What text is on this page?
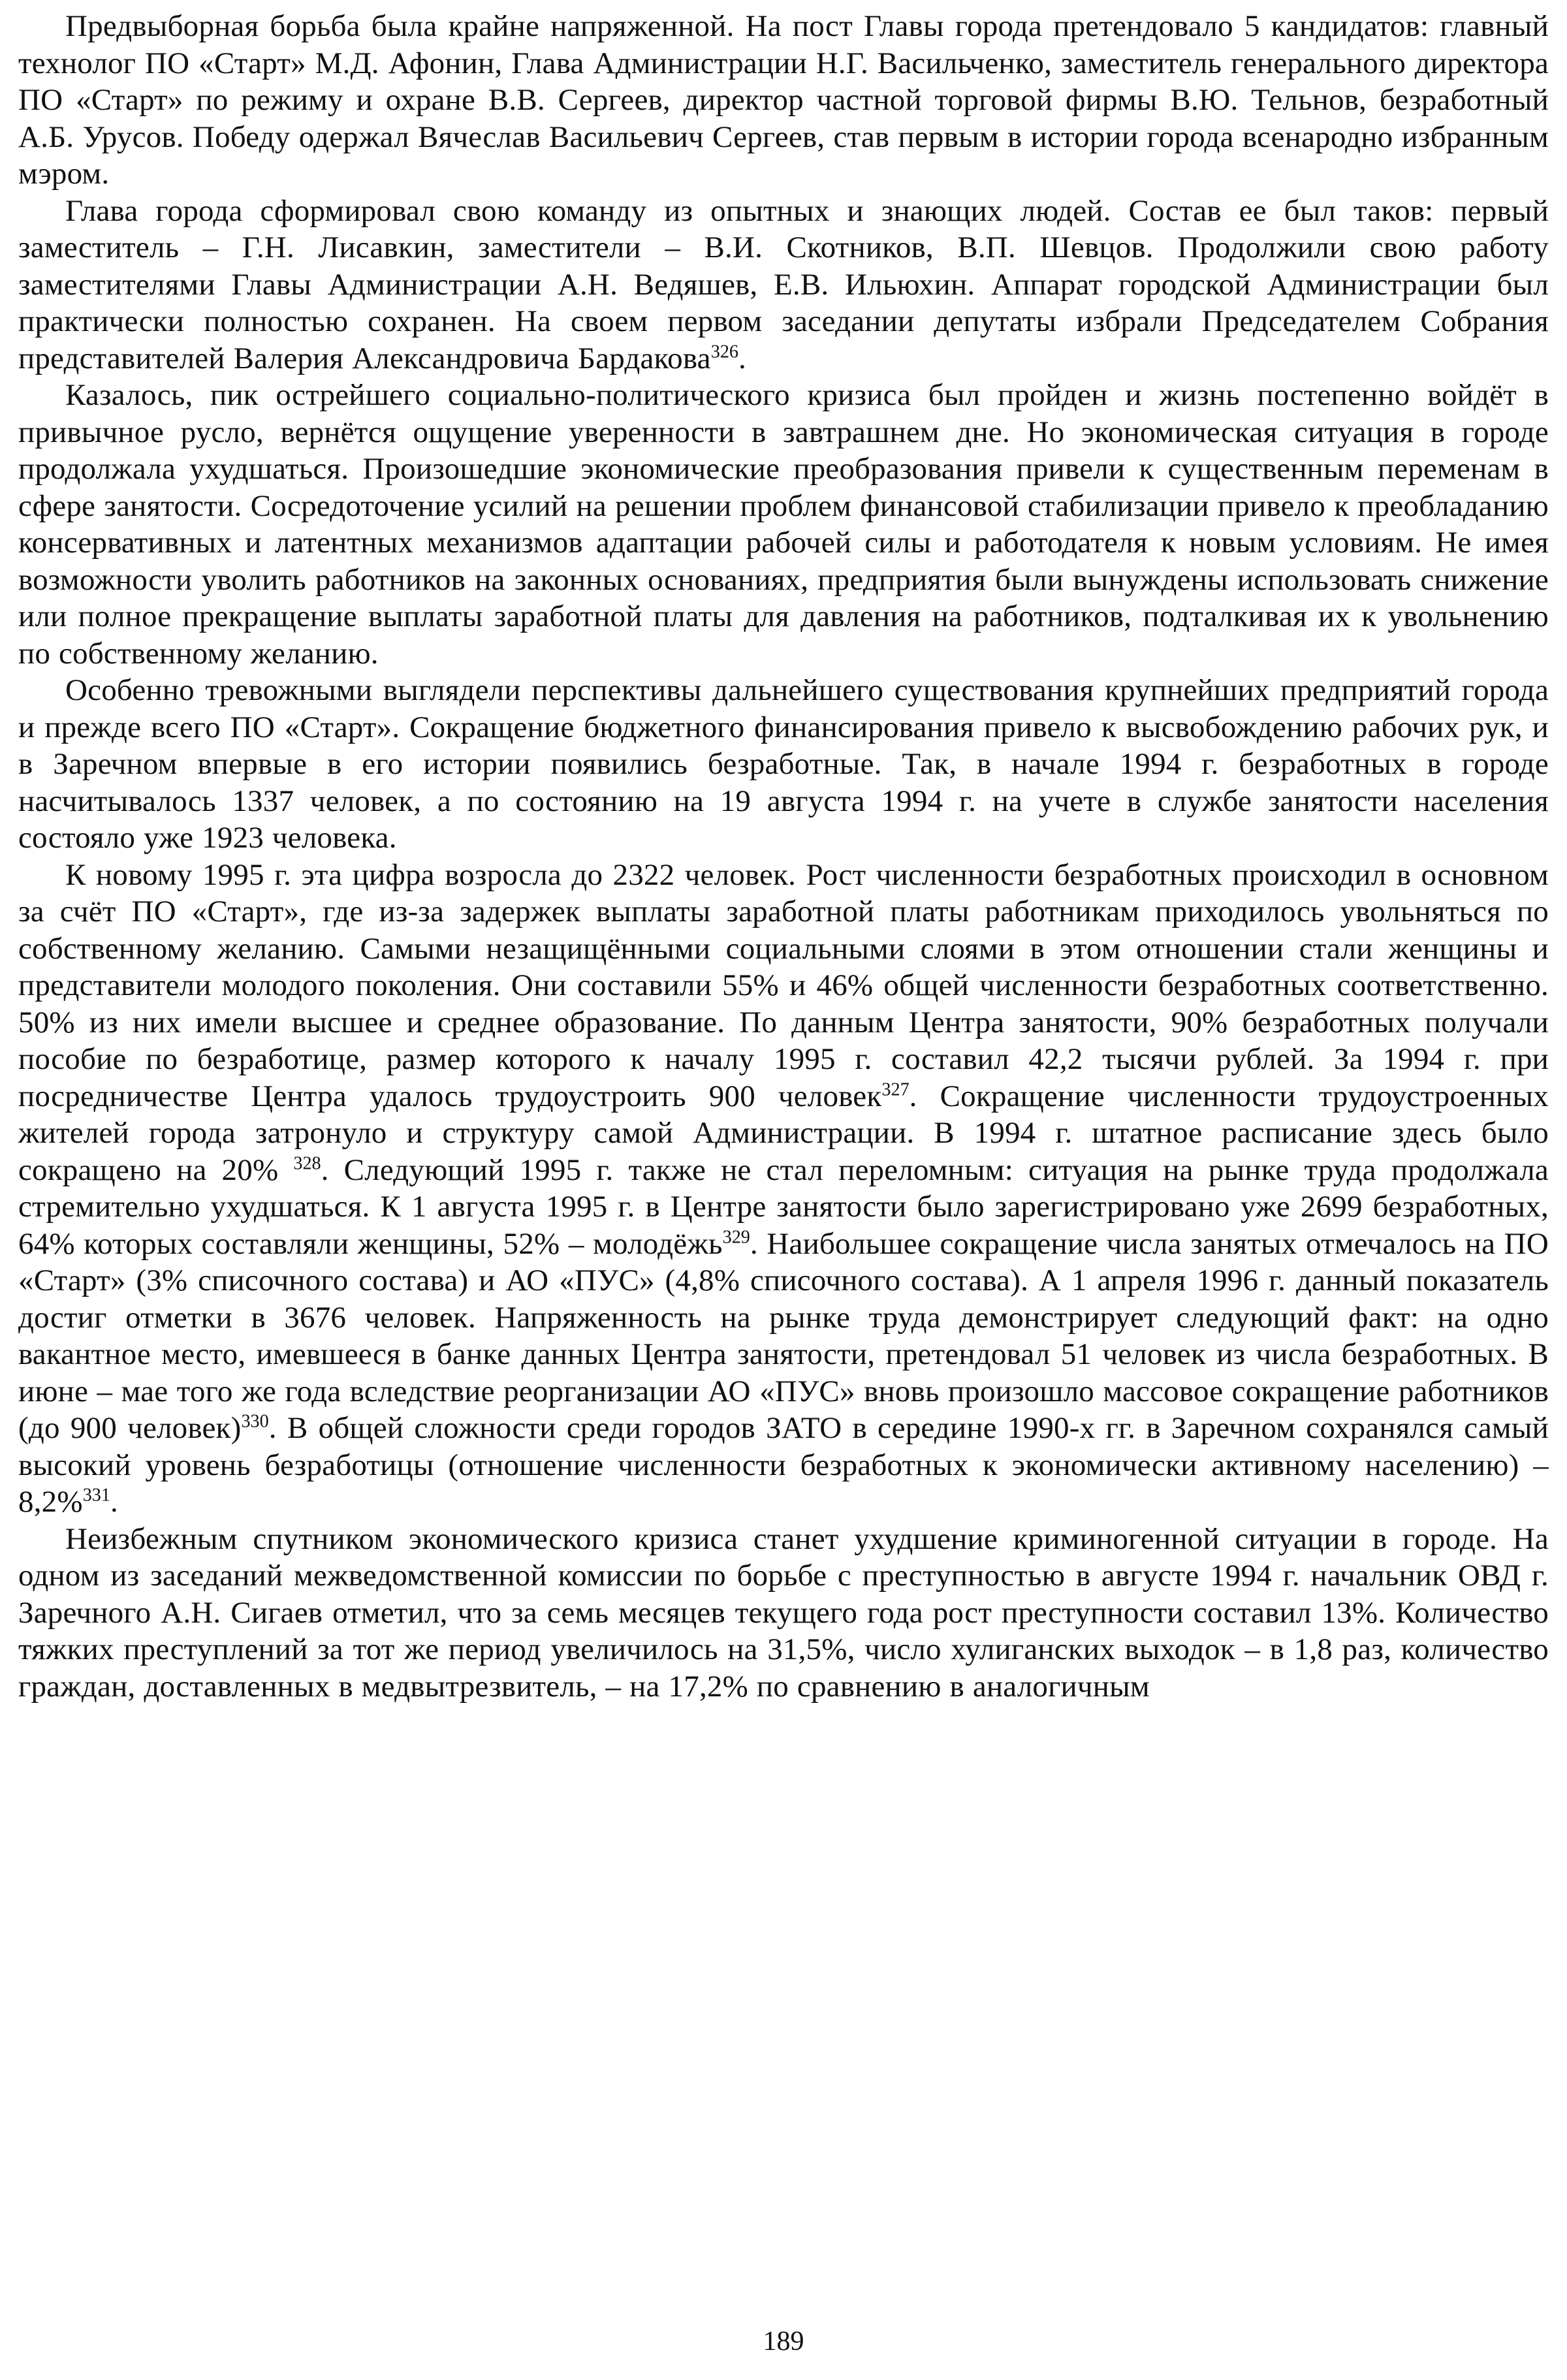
Предвыборная борьба была крайне напряженной. На пост Главы города претендовало 5 кандидатов: главный технолог ПО «Старт» М.Д. Афонин, Глава Администрации Н.Г. Васильченко, заместитель генерального директора ПО «Старт» по режиму и охране В.В. Сергеев, директор частной торговой фирмы В.Ю. Тельнов, безработный А.Б. Урусов. Победу одержал Вячеслав Васильевич Сергеев, став первым в истории города всенародно избранным мэром.

Глава города сформировал свою команду из опытных и знающих людей. Состав ее был таков: первый заместитель – Г.Н. Лисавкин, заместители – В.И. Скотников, В.П. Шевцов. Продолжили свою работу заместителями Главы Администрации А.Н. Ведяшев, Е.В. Ильюхин. Аппарат городской Администрации был практически полностью сохранен. На своем первом заседании депутаты избрали Председателем Собрания представителей Валерия Александровича Бардакова$^{326}$.

Казалось, пик острейшего социально-политического кризиса был пройден и жизнь постепенно войдёт в привычное русло, вернётся ощущение уверенности в завтрашнем дне. Но экономическая ситуация в городе продолжала ухудшаться. Произошедшие экономические преобразования привели к существенным переменам в сфере занятости. Сосредоточение усилий на решении проблем финансовой стабилизации привело к преобладанию консервативных и латентных механизмов адаптации рабочей силы и работодателя к новым условиям. Не имея возможности уволить работников на законных основаниях, предприятия были вынуждены использовать снижение или полное прекращение выплаты заработной платы для давления на работников, подталкивая их к увольнению по собственному желанию.

Особенно тревожными выглядели перспективы дальнейшего существования крупнейших предприятий города и прежде всего ПО «Старт». Сокращение бюджетного финансирования привело к высвобождению рабочих рук, и в Заречном впервые в его истории появились безработные. Так, в начале 1994 г. безработных в городе насчитывалось 1337 человек, а по состоянию на 19 августа 1994 г. на учете в службе занятости населения состояло уже 1923 человека.

К новому 1995 г. эта цифра возросла до 2322 человек. Рост численности безработных происходил в основном за счёт ПО «Старт», где из-за задержек выплаты заработной платы работникам приходилось увольняться по собственному желанию. Самыми незащищёнными социальными слоями в этом отношении стали женщины и представители молодого поколения. Они составили 55% и 46% общей численности безработных соответственно. 50% из них имели высшее и среднее образование. По данным Центра занятости, 90% безработных получали пособие по безработице, размер которого к началу 1995 г. составил 42,2 тысячи рублей. За 1994 г. при посредничестве Центра удалось трудоустроить 900 человек$^{327}$. Сокращение численности трудоустроенных жителей города затронуло и структуру самой Администрации. В 1994 г. штатное расписание здесь было сокращено на 20% $^{328}$. Следующий 1995 г. также не стал переломным: ситуация на рынке труда продолжала стремительно ухудшаться. К 1 августа 1995 г. в Центре занятости было зарегистрировано уже 2699 безработных, 64% которых составляли женщины, 52% – молодёжь$^{329}$. Наибольшее сокращение числа занятых отмечалось на ПО «Старт» (3% списочного состава) и АО «ПУС» (4,8% списочного состава). А 1 апреля 1996 г. данный показатель достиг отметки в 3676 человек. Напряженность на рынке труда демонстрирует следующий факт: на одно вакантное место, имевшееся в банке данных Центра занятости, претендовал 51 человек из числа безработных. В июне – мае того же года вследствие реорганизации АО «ПУС» вновь произошло массовое сокращение работников (до 900 человек)$^{330}$. В общей сложности среди городов ЗАТО в середине 1990-х гг. в Заречном сохранялся самый высокий уровень безработицы (отношение численности безработных к экономически активному населению) – 8,2%$^{331}$.

Неизбежным спутником экономического кризиса станет ухудшение криминогенной ситуации в городе. На одном из заседаний межведомственной комиссии по борьбе с преступностью в августе 1994 г. начальник ОВД г. Заречного А.Н. Сигаев отметил, что за семь месяцев текущего года рост преступности составил 13%. Количество тяжких преступлений за тот же период увеличилось на 31,5%, число хулиганских выходок – в 1,8 раз, количество граждан, доставленных в медвытрезвитель, – на 17,2% по сравнению в аналогичным

189
